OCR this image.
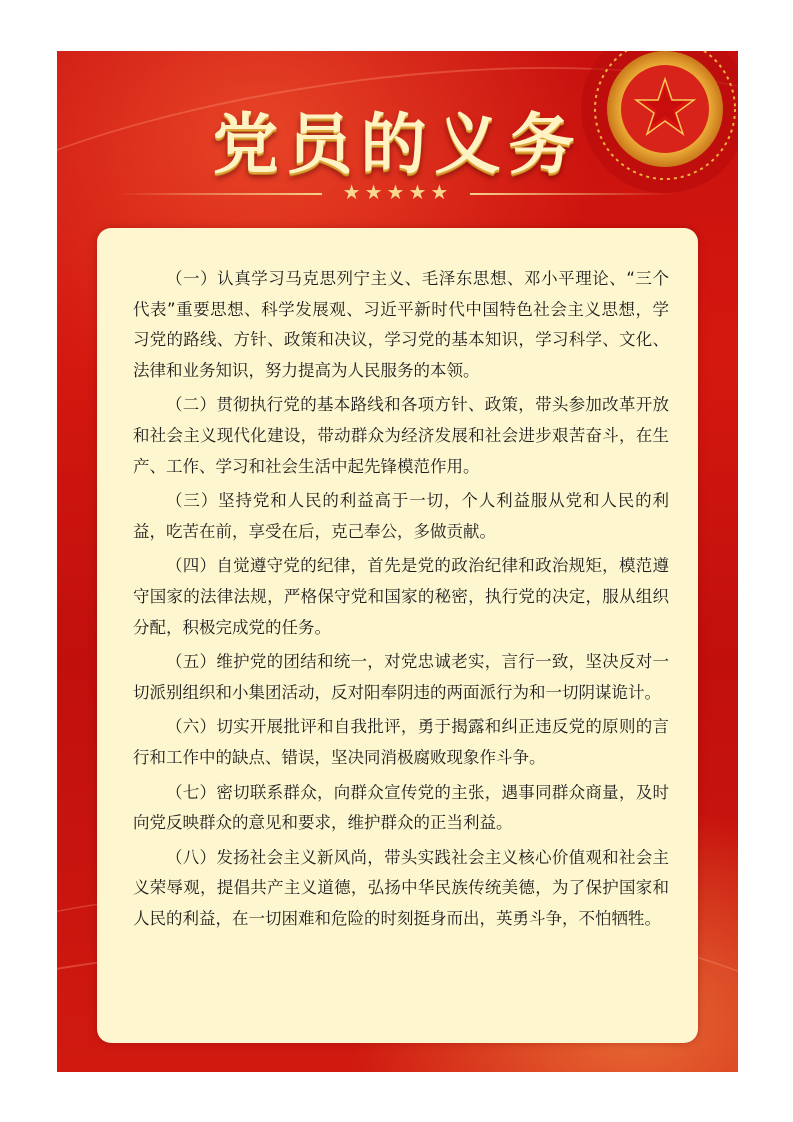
党员的义务
★★★★★

（一）认真学习马克思列宁主义、毛泽东思想、邓小平理论、“三个代表”重要思想、科学发展观、习近平新时代中国特色社会主义思想，学习党的路线、方针、政策和决议，学习党的基本知识，学习科学、文化、法律和业务知识，努力提高为人民服务的本领。

（二）贯彻执行党的基本路线和各项方针、政策，带头参加改革开放和社会主义现代化建设，带动群众为经济发展和社会进步艰苦奋斗，在生产、工作、学习和社会生活中起先锋模范作用。

（三）坚持党和人民的利益高于一切，个人利益服从党和人民的利益，吃苦在前，享受在后，克己奉公，多做贡献。

（四）自觉遵守党的纪律，首先是党的政治纪律和政治规矩，模范遵守国家的法律法规，严格保守党和国家的秘密，执行党的决定，服从组织分配，积极完成党的任务。

（五）维护党的团结和统一，对党忠诚老实，言行一致，坚决反对一切派别组织和小集团活动，反对阳奉阴违的两面派行为和一切阴谋诡计。

（六）切实开展批评和自我批评，勇于揭露和纠正违反党的原则的言行和工作中的缺点、错误，坚决同消极腐败现象作斗争。

（七）密切联系群众，向群众宣传党的主张，遇事同群众商量，及时向党反映群众的意见和要求，维护群众的正当利益。

（八）发扬社会主义新风尚，带头实践社会主义核心价值观和社会主义荣辱观，提倡共产主义道德，弘扬中华民族传统美德，为了保护国家和人民的利益，在一切困难和危险的时刻挺身而出，英勇斗争，不怕牺牲。
